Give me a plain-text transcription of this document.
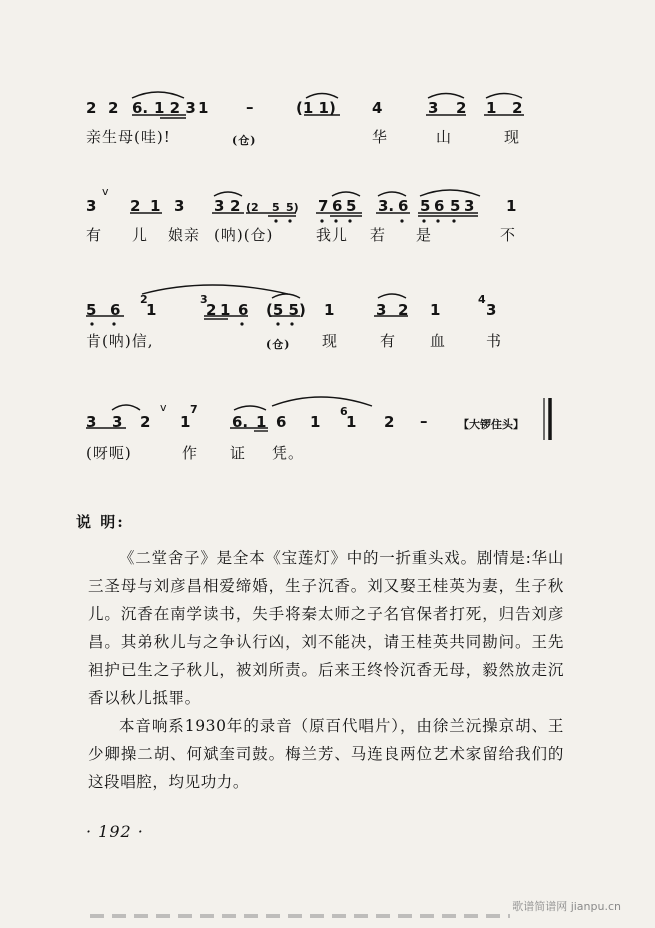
2 2 6. 1 2 3 1	–	(1 1) 4	3 2 1 2
亲生母(哇)!	(仓)	华	山	现
3
v
2 1 3 3 2 (2 5 5) 7 6 5 3. 6 5 6 5 3 1
有 儿 娘亲 (呐)(仓)	我儿 若 是	不
5 6
2
1
3
2 1 6 (5 5) 1	3 2 1
4
3
肯(呐)信,	(仓) 现	有 血	书
3 3 2
v
1
7
6. 1 6 1
6
1 2 –	【大锣住头】
(呀呃)	作 证 凭。
说 明:

《二堂舍子》是全本《宝莲灯》中的一折重头戏。剧情是:华山三圣母与刘彦昌相爱缔婚，生子沉香。刘又娶王桂英为妻，生子秋儿。沉香在南学读书，失手将秦太师之子名官保者打死，归告刘彦昌。其弟秋儿与之争认行凶，刘不能决，请王桂英共同勘问。王先袒护已生之子秋儿，被刘所责。后来王终怜沉香无母，毅然放走沉香以秋儿抵罪。

本音响系1930年的录音（原百代唱片），由徐兰沅操京胡、王少卿操二胡、何斌奎司鼓。梅兰芳、马连良两位艺术家留给我们的这段唱腔，均见功力。

· 192 ·
歌谱简谱网 jianpu.cn
